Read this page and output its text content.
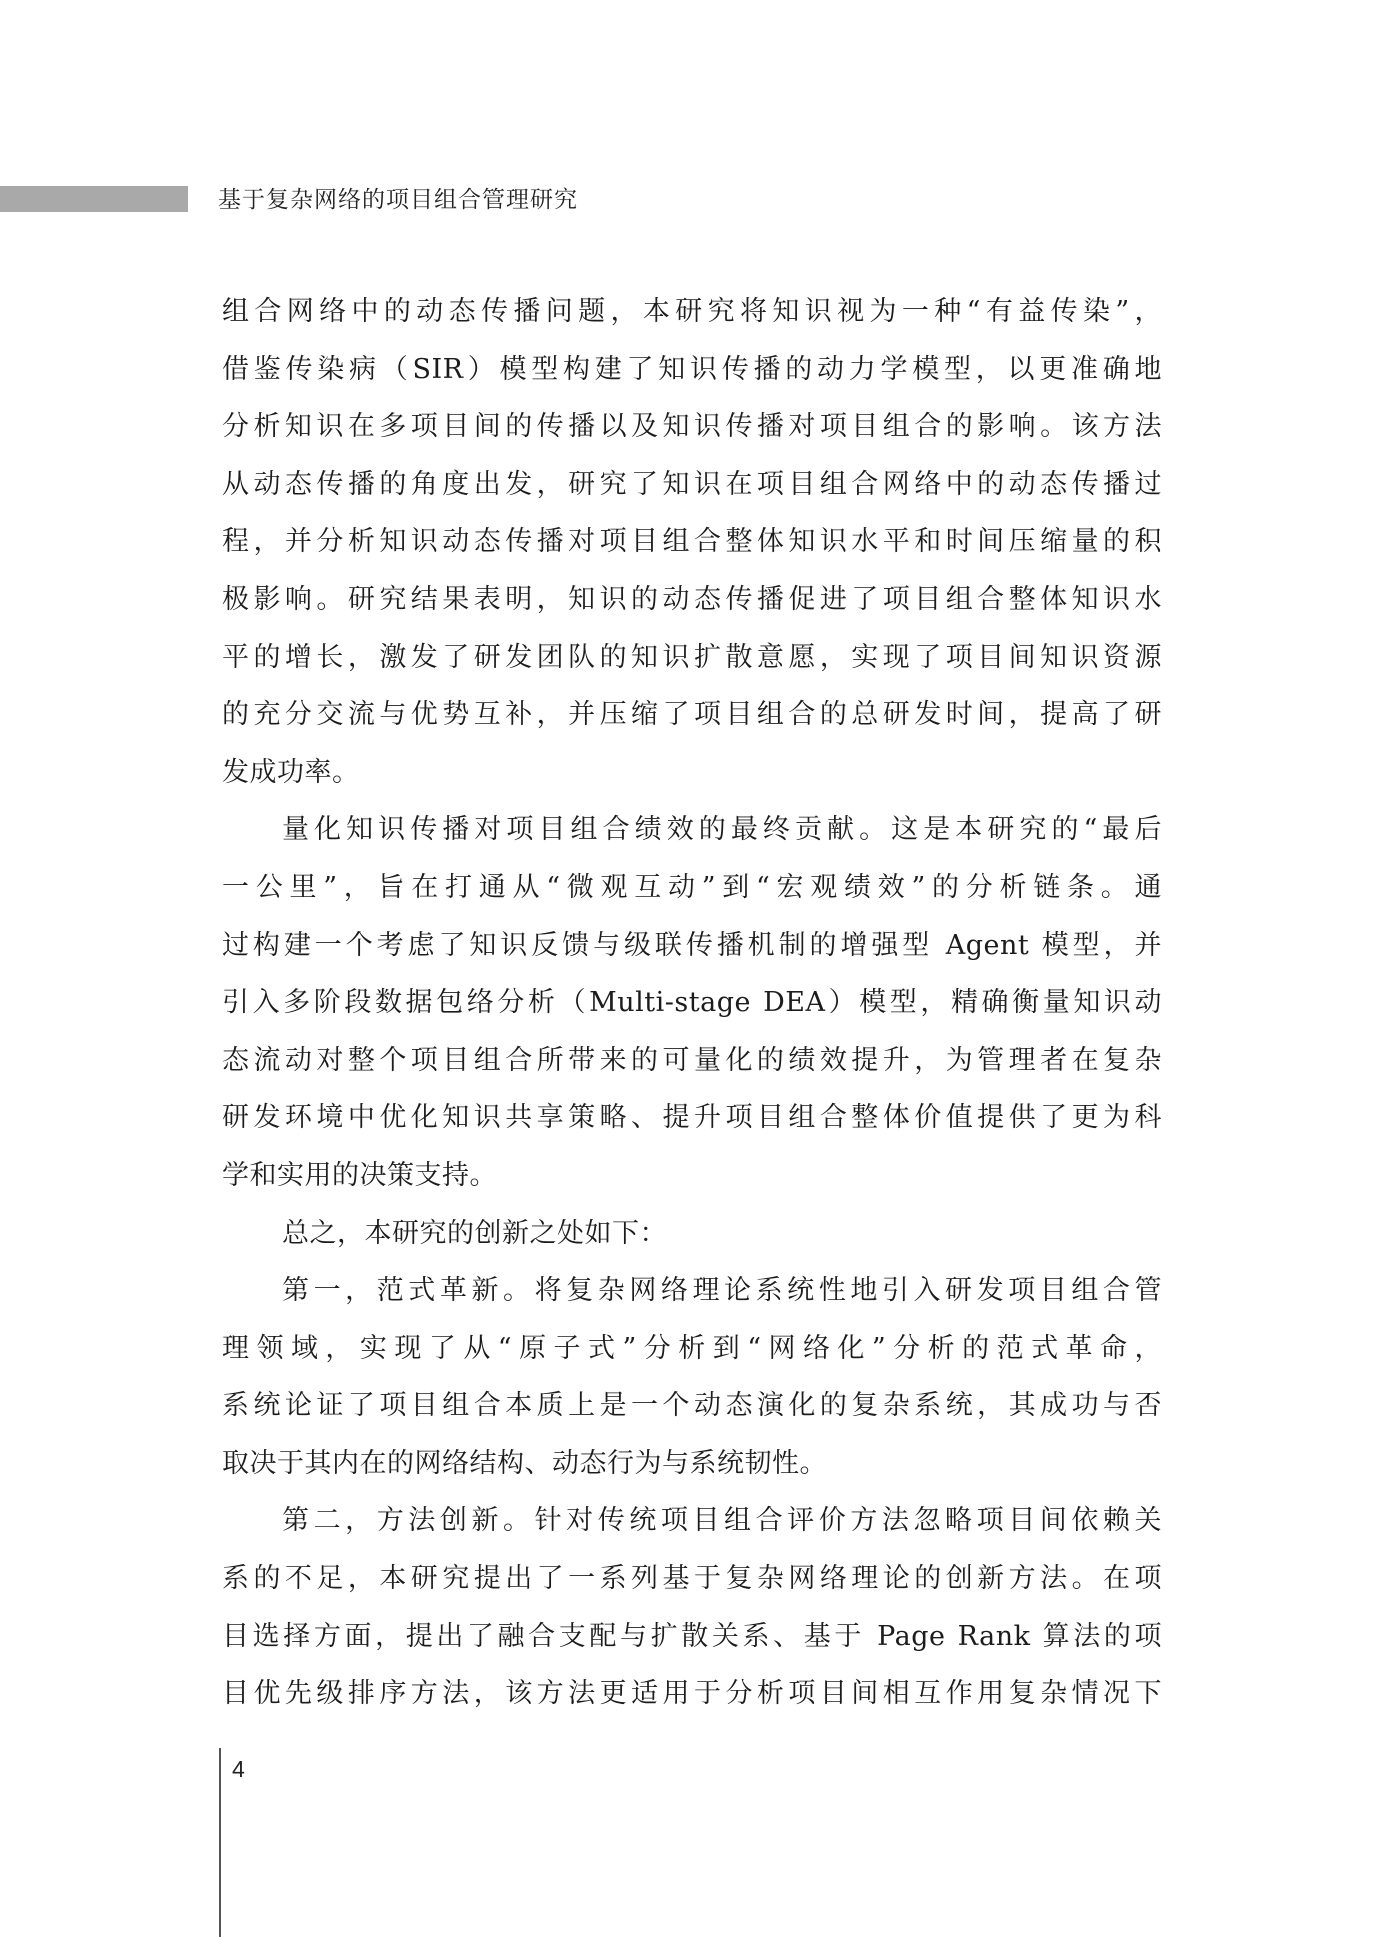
基于复杂网络的项目组合管理研究
组合网络中的动态传播问题，本研究将知识视为一种“有益传染”，
借鉴传染病（SIR）模型构建了知识传播的动力学模型，以更准确地
分析知识在多项目间的传播以及知识传播对项目组合的影响。该方法
从动态传播的角度出发，研究了知识在项目组合网络中的动态传播过
程，并分析知识动态传播对项目组合整体知识水平和时间压缩量的积
极影响。研究结果表明，知识的动态传播促进了项目组合整体知识水
平的增长，激发了研发团队的知识扩散意愿，实现了项目间知识资源
的充分交流与优势互补，并压缩了项目组合的总研发时间，提高了研
发成功率。
量化知识传播对项目组合绩效的最终贡献。这是本研究的“最后
一公里”，旨在打通从“微观互动”到“宏观绩效”的分析链条。通
过构建一个考虑了知识反馈与级联传播机制的增强型 Agent 模型，并
引入多阶段数据包络分析（Multi-stage DEA）模型，精确衡量知识动
态流动对整个项目组合所带来的可量化的绩效提升，为管理者在复杂
研发环境中优化知识共享策略、提升项目组合整体价值提供了更为科
学和实用的决策支持。
总之，本研究的创新之处如下：
第一，范式革新。将复杂网络理论系统性地引入研发项目组合管
理领域，实现了从“原子式”分析到“网络化”分析的范式革命，
系统论证了项目组合本质上是一个动态演化的复杂系统，其成功与否
取决于其内在的网络结构、动态行为与系统韧性。
第二，方法创新。针对传统项目组合评价方法忽略项目间依赖关
系的不足，本研究提出了一系列基于复杂网络理论的创新方法。在项
目选择方面，提出了融合支配与扩散关系、基于 Page Rank 算法的项
目优先级排序方法，该方法更适用于分析项目间相互作用复杂情况下
4
